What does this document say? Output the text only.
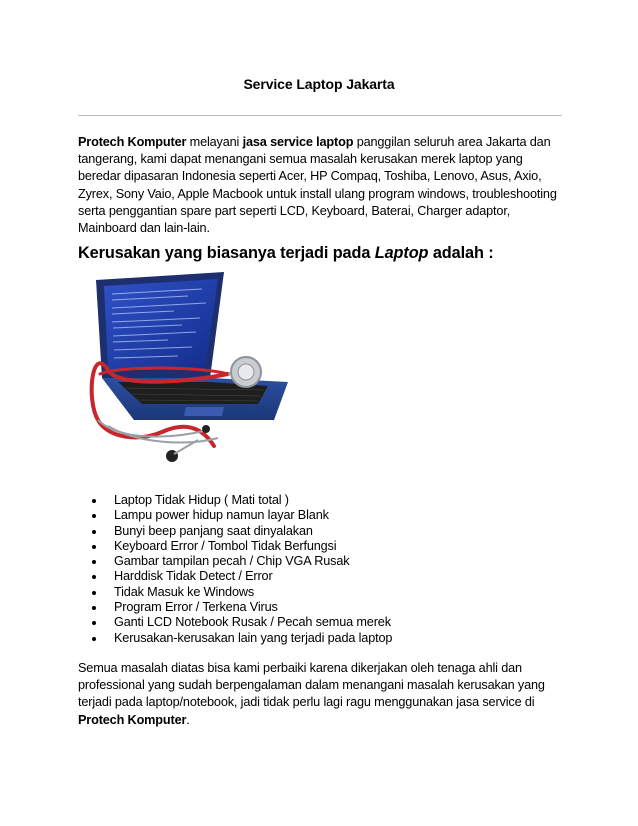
Service Laptop Jakarta

Protech Komputer melayani jasa service laptop panggilan seluruh area Jakarta dan tangerang, kami dapat menangani semua masalah kerusakan merek laptop yang beredar dipasaran Indonesia seperti Acer, HP Compaq, Toshiba, Lenovo, Asus, Axio, Zyrex, Sony Vaio, Apple Macbook untuk install ulang program windows, troubleshooting serta penggantian spare part seperti LCD, Keyboard, Baterai, Charger adaptor, Mainboard dan lain-lain.

Kerusakan yang biasanya terjadi pada Laptop adalah :
Laptop Tidak Hidup ( Mati total )
Lampu power hidup namun layar Blank
Bunyi beep panjang saat dinyalakan
Keyboard Error / Tombol Tidak Berfungsi
Gambar tampilan pecah / Chip VGA Rusak
Harddisk Tidak Detect / Error
Tidak Masuk ke Windows
Program Error / Terkena Virus
Ganti LCD Notebook Rusak / Pecah semua merek
Kerusakan-kerusakan lain yang terjadi pada laptop

Semua masalah diatas bisa kami perbaiki karena dikerjakan oleh tenaga ahli dan professional yang sudah berpengalaman dalam menangani masalah kerusakan yang terjadi pada laptop/notebook, jadi tidak perlu lagi ragu menggunakan jasa service di Protech Komputer.
